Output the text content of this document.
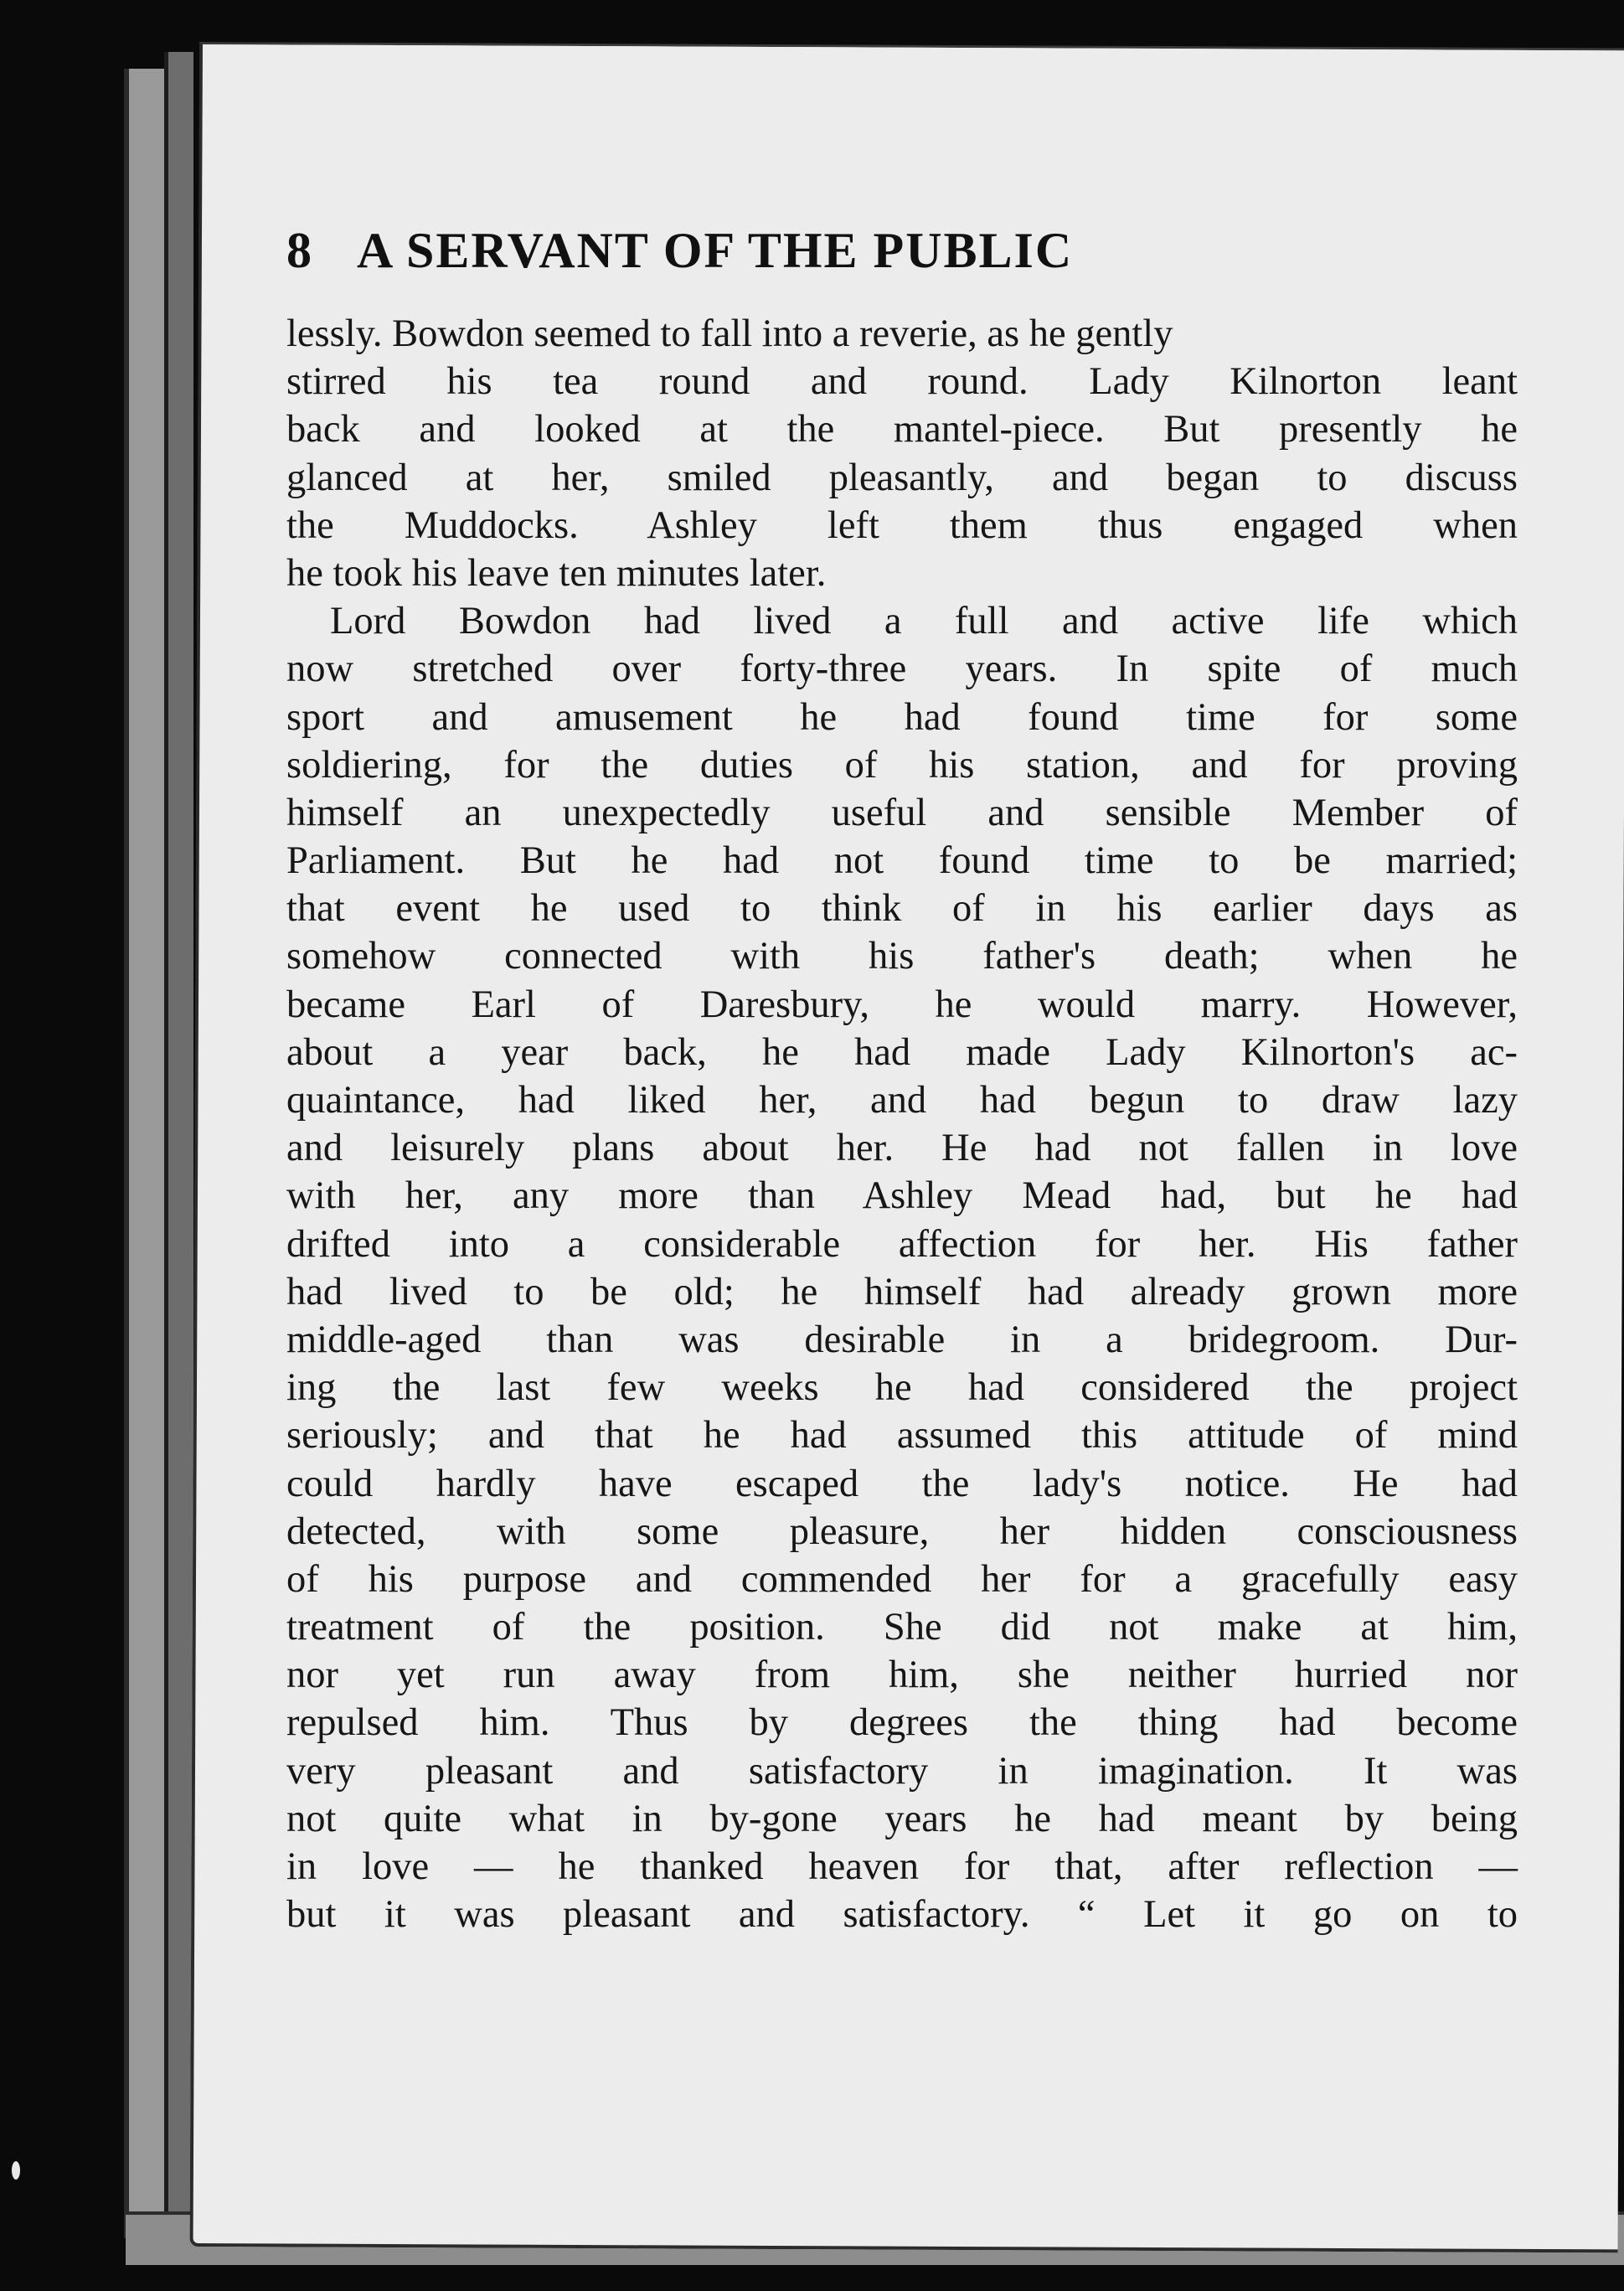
8 A SERVANT OF THE PUBLIC
lessly. Bowdon seemed to fall into a reverie, as he gently
stirred his tea round and round. Lady Kilnorton leant
back and looked at the mantel-piece. But presently he
glanced at her, smiled pleasantly, and began to discuss
the Muddocks. Ashley left them thus engaged when
he took his leave ten minutes later.
Lord Bowdon had lived a full and active life which
now stretched over forty-three years. In spite of much
sport and amusement he had found time for some
soldiering, for the duties of his station, and for proving
himself an unexpectedly useful and sensible Member of
Parliament. But he had not found time to be married;
that event he used to think of in his earlier days as
somehow connected with his father's death; when he
became Earl of Daresbury, he would marry. However,
about a year back, he had made Lady Kilnorton's ac-
quaintance, had liked her, and had begun to draw lazy
and leisurely plans about her. He had not fallen in love
with her, any more than Ashley Mead had, but he had
drifted into a considerable affection for her. His father
had lived to be old; he himself had already grown more
middle-aged than was desirable in a bridegroom. Dur-
ing the last few weeks he had considered the project
seriously; and that he had assumed this attitude of mind
could hardly have escaped the lady's notice. He had
detected, with some pleasure, her hidden consciousness
of his purpose and commended her for a gracefully easy
treatment of the position. She did not make at him,
nor yet run away from him, she neither hurried nor
repulsed him. Thus by degrees the thing had become
very pleasant and satisfactory in imagination. It was
not quite what in by-gone years he had meant by being
in love — he thanked heaven for that, after reflection —
but it was pleasant and satisfactory. “ Let it go on to
